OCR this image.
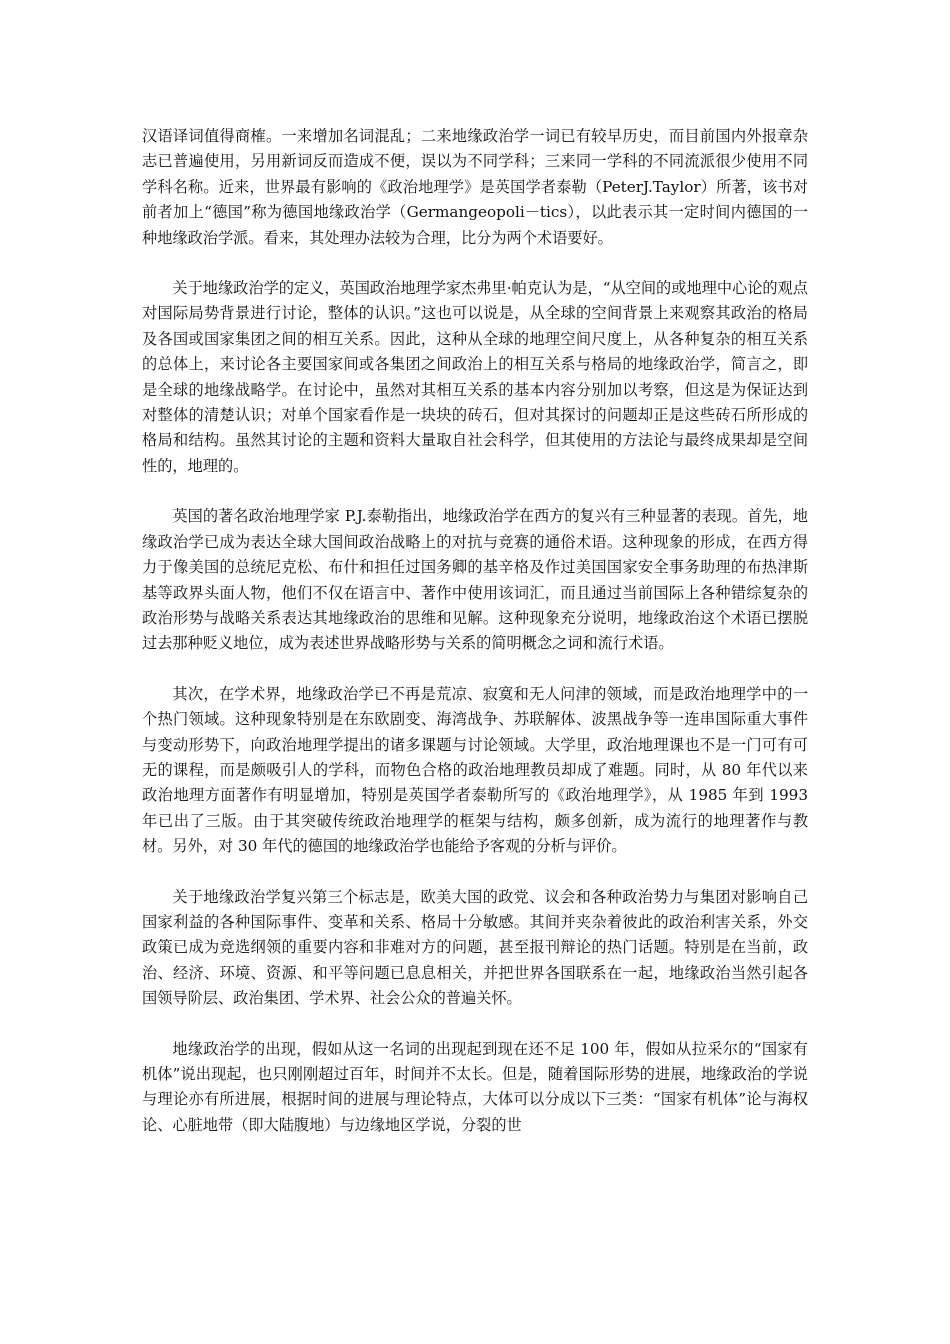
汉语译词值得商榷。一来增加名词混乱；二来地缘政治学一词已有较早历史，而目前国内外报章杂志已普遍使用，另用新词反而造成不便，误以为不同学科；三来同一学科的不同流派很少使用不同学科名称。近来，世界最有影响的《政治地理学》是英国学者泰勒（PeterJ.Taylor）所著，该书对前者加上“德国”称为德国地缘政治学（Germangeopoli－tics），以此表示其一定时间内德国的一种地缘政治学派。看来，其处理办法较为合理，比分为两个术语要好。

关于地缘政治学的定义，英国政治地理学家杰弗里·帕克认为是，“从空间的或地理中心论的观点对国际局势背景进行讨论，整体的认识。”这也可以说是，从全球的空间背景上来观察其政治的格局及各国或国家集团之间的相互关系。因此，这种从全球的地理空间尺度上，从各种复杂的相互关系的总体上，来讨论各主要国家间或各集团之间政治上的相互关系与格局的地缘政治学，简言之，即是全球的地缘战略学。在讨论中，虽然对其相互关系的基本内容分别加以考察，但这是为保证达到对整体的清楚认识；对单个国家看作是一块块的砖石，但对其探讨的问题却正是这些砖石所形成的格局和结构。虽然其讨论的主题和资料大量取自社会科学，但其使用的方法论与最终成果却是空间性的，地理的。

英国的著名政治地理学家 P.J.泰勒指出，地缘政治学在西方的复兴有三种显著的表现。首先，地缘政治学已成为表达全球大国间政治战略上的对抗与竞赛的通俗术语。这种现象的形成，在西方得力于像美国的总统尼克松、布什和担任过国务卿的基辛格及作过美国国家安全事务助理的布热津斯基等政界头面人物，他们不仅在语言中、著作中使用该词汇，而且通过当前国际上各种错综复杂的政治形势与战略关系表达其地缘政治的思维和见解。这种现象充分说明，地缘政治这个术语已摆脱过去那种贬义地位，成为表述世界战略形势与关系的简明概念之词和流行术语。

其次，在学术界，地缘政治学已不再是荒凉、寂寞和无人问津的领域，而是政治地理学中的一个热门领域。这种现象特别是在东欧剧变、海湾战争、苏联解体、波黑战争等一连串国际重大事件与变动形势下，向政治地理学提出的诸多课题与讨论领域。大学里，政治地理课也不是一门可有可无的课程，而是颇吸引人的学科，而物色合格的政治地理教员却成了难题。同时，从 80 年代以来政治地理方面著作有明显增加，特别是英国学者泰勒所写的《政治地理学》，从 1985 年到 1993 年已出了三版。由于其突破传统政治地理学的框架与结构，颇多创新，成为流行的地理著作与教材。另外，对 30 年代的德国的地缘政治学也能给予客观的分析与评价。

关于地缘政治学复兴第三个标志是，欧美大国的政党、议会和各种政治势力与集团对影响自己国家利益的各种国际事件、变革和关系、格局十分敏感。其间并夹杂着彼此的政治利害关系，外交政策已成为竞选纲领的重要内容和非难对方的问题，甚至报刊辩论的热门话题。特别是在当前，政治、经济、环境、资源、和平等问题已息息相关，并把世界各国联系在一起，地缘政治当然引起各国领导阶层、政治集团、学术界、社会公众的普遍关怀。

地缘政治学的出现，假如从这一名词的出现起到现在还不足 100 年，假如从拉采尔的“国家有机体”说出现起，也只刚刚超过百年，时间并不太长。但是，随着国际形势的进展，地缘政治的学说与理论亦有所进展，根据时间的进展与理论特点，大体可以分成以下三类：“国家有机体”论与海权论、心脏地带（即大陆腹地）与边缘地区学说，分裂的世
